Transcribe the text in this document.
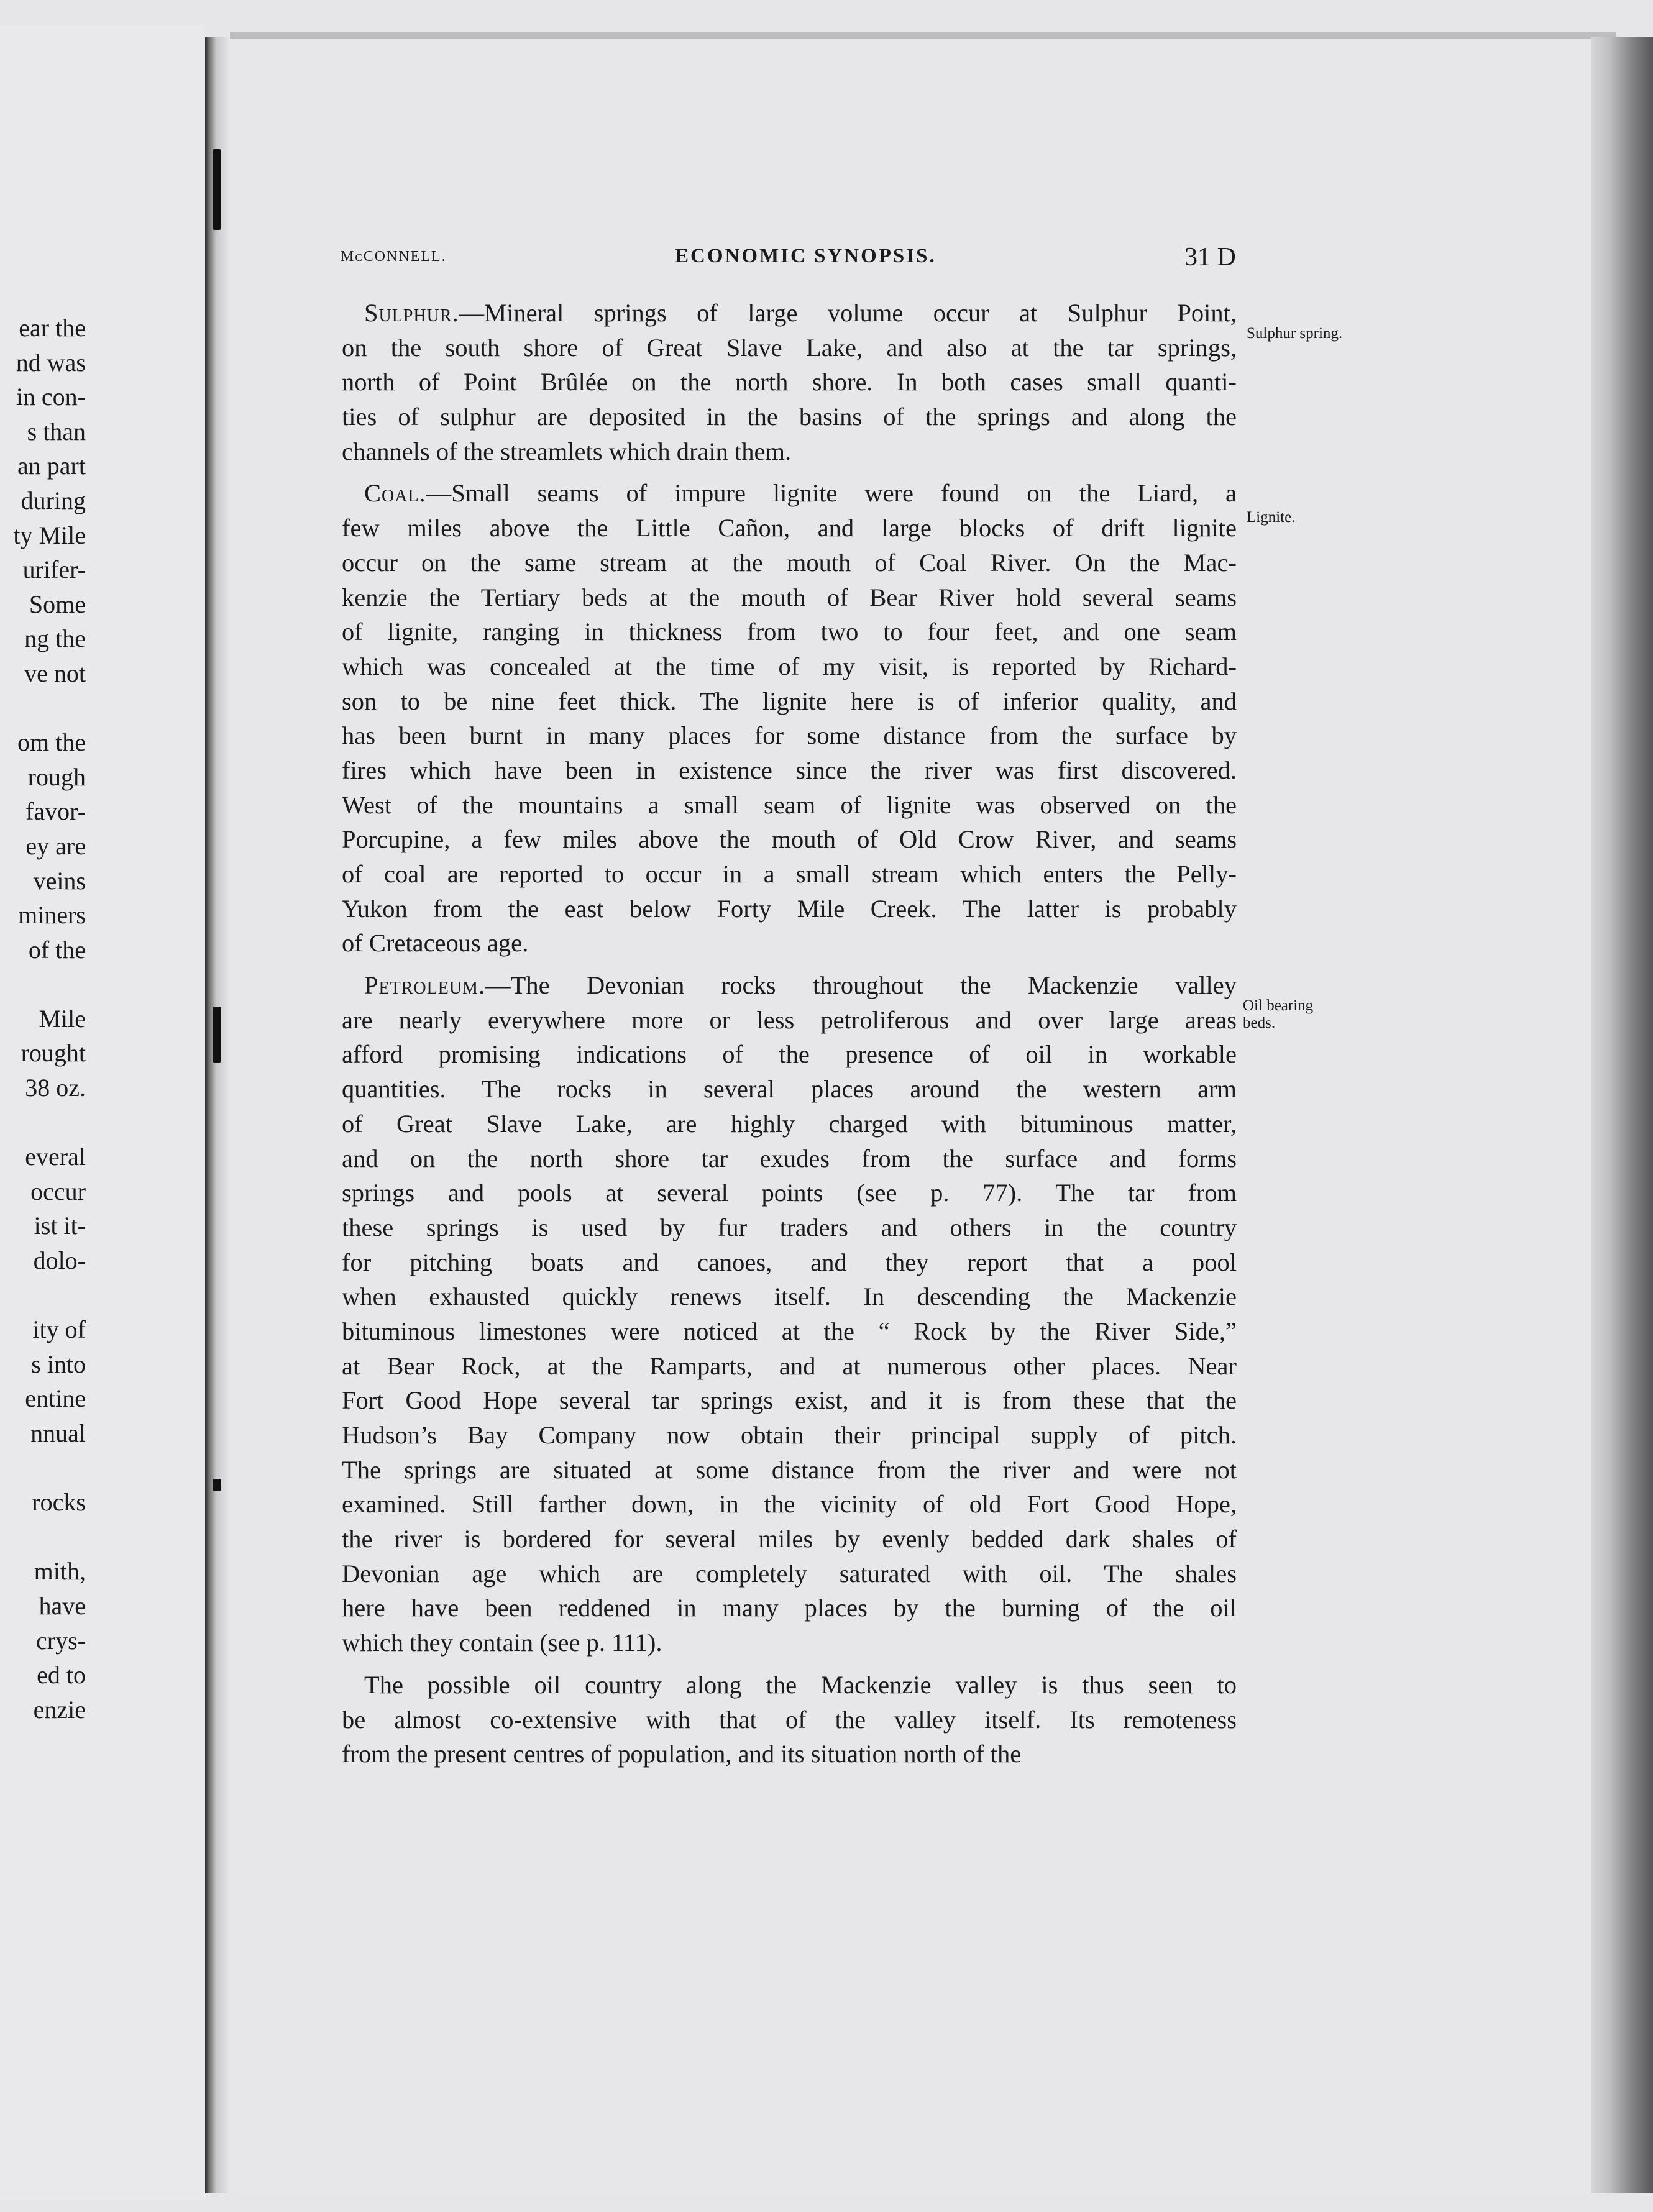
ear the
nd was
in con-
s than
an part
during
ty Mile
urifer-
Some
ng the
ve not
om the
rough
favor-
ey are
veins
miners
of the
Mile
rought
38 oz.
everal
occur
ist it-
dolo-
ity of
s into
entine
nnual
rocks
mith,
have
crys-
ed to
enzie
McCONNELL.	ECONOMIC SYNOPSIS.	31 D
Sulphur.—Mineral springs of large volume occur at Sulphur Point,
on the south shore of Great Slave Lake, and also at the tar springs,
north of Point Brûlée on the north shore. In both cases small quanti-
ties of sulphur are deposited in the basins of the springs and along the
channels of the streamlets which drain them.
Coal.—Small seams of impure lignite were found on the Liard, a
few miles above the Little Cañon, and large blocks of drift lignite
occur on the same stream at the mouth of Coal River. On the Mac-
kenzie the Tertiary beds at the mouth of Bear River hold several seams
of lignite, ranging in thickness from two to four feet, and one seam
which was concealed at the time of my visit, is reported by Richard-
son to be nine feet thick. The lignite here is of inferior quality, and
has been burnt in many places for some distance from the surface by
fires which have been in existence since the river was first discovered.
West of the mountains a small seam of lignite was observed on the
Porcupine, a few miles above the mouth of Old Crow River, and seams
of coal are reported to occur in a small stream which enters the Pelly-
Yukon from the east below Forty Mile Creek. The latter is probably
of Cretaceous age.
Petroleum.—The Devonian rocks throughout the Mackenzie valley
are nearly everywhere more or less petroliferous and over large areas
afford promising indications of the presence of oil in workable
quantities. The rocks in several places around the western arm
of Great Slave Lake, are highly charged with bituminous matter,
and on the north shore tar exudes from the surface and forms
springs and pools at several points (see p. 77). The tar from
these springs is used by fur traders and others in the country
for pitching boats and canoes, and they report that a pool
when exhausted quickly renews itself. In descending the Mackenzie
bituminous limestones were noticed at the “ Rock by the River Side,”
at Bear Rock, at the Ramparts, and at numerous other places. Near
Fort Good Hope several tar springs exist, and it is from these that the
Hudson’s Bay Company now obtain their principal supply of pitch.
The springs are situated at some distance from the river and were not
examined. Still farther down, in the vicinity of old Fort Good Hope,
the river is bordered for several miles by evenly bedded dark shales of
Devonian age which are completely saturated with oil. The shales
here have been reddened in many places by the burning of the oil
which they contain (see p. 111).
The possible oil country along the Mackenzie valley is thus seen to
be almost co-extensive with that of the valley itself. Its remoteness
from the present centres of population, and its situation north of the
Sulphur spring.
Lignite.
Oil bearing
beds.
